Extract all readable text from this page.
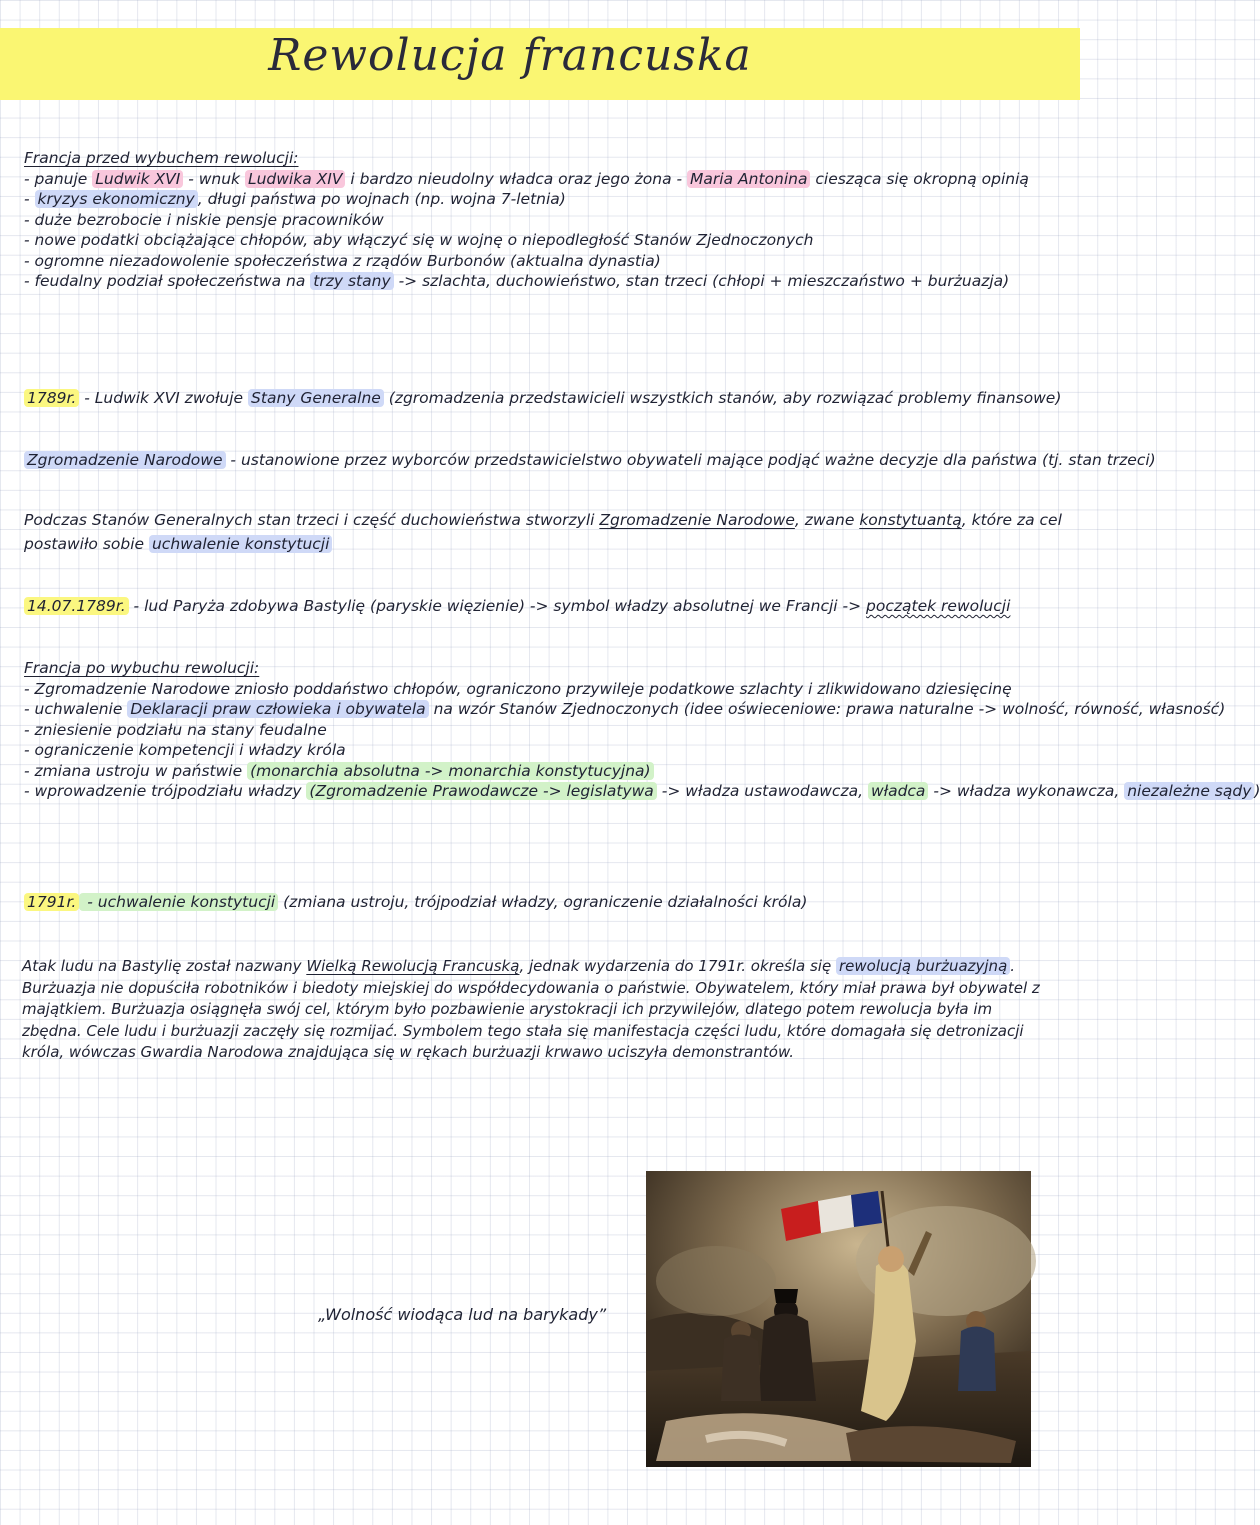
Rewolucja francuska
Francja przed wybuchem rewolucji:
- panuje Ludwik XVI - wnuk Ludwika XIV i bardzo nieudolny władca oraz jego żona - Maria Antonina ciesząca się okropną opinią
- kryzys ekonomiczny , długi państwa po wojnach (np. wojna 7-letnia)
- duże bezrobocie i niskie pensje pracowników
- nowe podatki obciążające chłopów, aby włączyć się w wojnę o niepodległość Stanów Zjednoczonych
- ogromne niezadowolenie społeczeństwa z rządów Burbonów (aktualna dynastia)
- feudalny podział społeczeństwa na trzy stany -> szlachta, duchowieństwo, stan trzeci (chłopi + mieszczaństwo + burżuazja)
1789r. - Ludwik XVI zwołuje Stany Generalne (zgromadzenia przedstawicieli wszystkich stanów, aby rozwiązać problemy finansowe)
Zgromadzenie Narodowe - ustanowione przez wyborców przedstawicielstwo obywateli mające podjąć ważne decyzje dla państwa (tj. stan trzeci)
Podczas Stanów Generalnych stan trzeci i część duchowieństwa stworzyli Zgromadzenie Narodowe, zwane konstytuantą, które za cel
postawiło sobie uchwalenie konstytucji
14.07.1789r. - lud Paryża zdobywa Bastylię (paryskie więzienie) -> symbol władzy absolutnej we Francji -> początek rewolucji
Francja po wybuchu rewolucji:
- Zgromadzenie Narodowe zniosło poddaństwo chłopów, ograniczono przywileje podatkowe szlachty i zlikwidowano dziesięcinę
- uchwalenie Deklaracji praw człowieka i obywatela na wzór Stanów Zjednoczonych (idee oświeceniowe: prawa naturalne -> wolność, równość, własność)
- zniesienie podziału na stany feudalne
- ograniczenie kompetencji i władzy króla
- zmiana ustroju w państwie (monarchia absolutna -> monarchia konstytucyjna)
- wprowadzenie trójpodziału władzy (Zgromadzenie Prawodawcze -> legislatywa -> władza ustawodawcza, władca -> władza wykonawcza, niezależne sądy )
1791r. - uchwalenie konstytucji (zmiana ustroju, trójpodział władzy, ograniczenie działalności króla)
Atak ludu na Bastylię został nazwany Wielką Rewolucją Francuską, jednak wydarzenia do 1791r. określa się rewolucją burżuazyjną . Burżuazja nie dopuściła robotników i biedoty miejskiej do współdecydowania o państwie. Obywatelem, który miał prawa był obywatel z majątkiem. Burżuazja osiągnęła swój cel, którym było pozbawienie arystokracji ich przywilejów, dlatego potem rewolucja była im zbędna. Cele ludu i burżuazji zaczęły się rozmijać. Symbolem tego stała się manifestacja części ludu, które domagała się detronizacji króla, wówczas Gwardia Narodowa znajdująca się w rękach burżuazji krwawo uciszyła demonstrantów.
„Wolność wiodąca lud na barykady”
